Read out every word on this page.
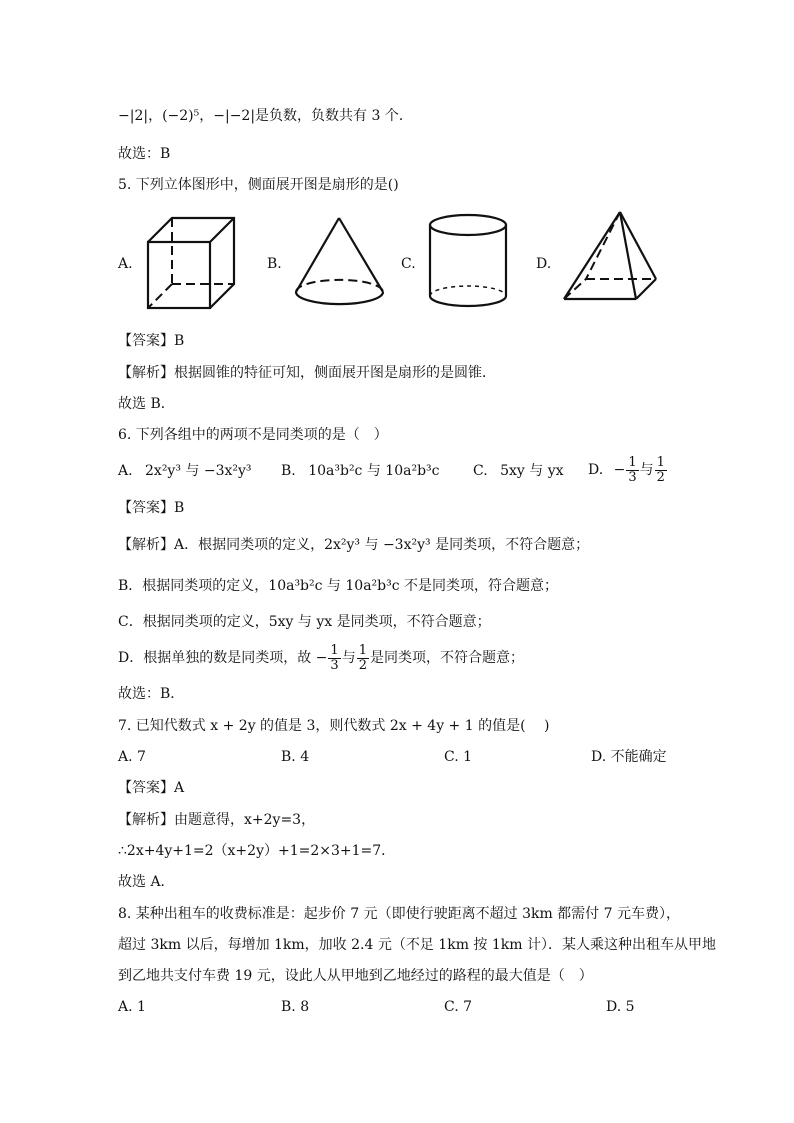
−|2|，(−2)⁵，−|−2|是负数，负数共有 3 个．
故选：B
5. 下列立体图形中，侧面展开图是扇形的是()
A.	B.	C.	D.
【答案】B
【解析】根据圆锥的特征可知，侧面展开图是扇形的是圆锥．
故选 B．
6. 下列各组中的两项不是同类项的是（　）
A. 2x²y³ 与 −3x²y³ B. 10a³b²c 与 10a²b³c C. 5xy 与 yx D. − $\frac{1}{3}$ 与 $\frac{1}{2}$
【答案】B
【解析】A．根据同类项的定义，2x²y³ 与 −3x²y³ 是同类项，不符合题意；
B．根据同类项的定义，10a³b²c 与 10a²b³c 不是同类项，符合题意；
C．根据同类项的定义，5xy 与 yx 是同类项，不符合题意；
D．根据单独的数是同类项，故 − $\frac{1}{3}$ 与 $\frac{1}{2}$ 是同类项，不符合题意；
故选：B．
7. 已知代数式 x + 2y 的值是 3，则代数式 2x + 4y + 1 的值是(　 )
A. 7	B. 4	C. 1	D. 不能确定
【答案】A
【解析】由题意得，x+2y=3，
∴2x+4y+1=2（x+2y）+1=2×3+1=7．
故选 A．
8. 某种出租车的收费标准是：起步价 7 元（即使行驶距离不超过 3km 都需付 7 元车费），
超过 3km 以后，每增加 1km，加收 2.4 元（不足 1km 按 1km 计）．某人乘这种出租车从甲地
到乙地共支付车费 19 元，设此人从甲地到乙地经过的路程的最大值是（　）
A. 1	B. 8	C. 7	D. 5
